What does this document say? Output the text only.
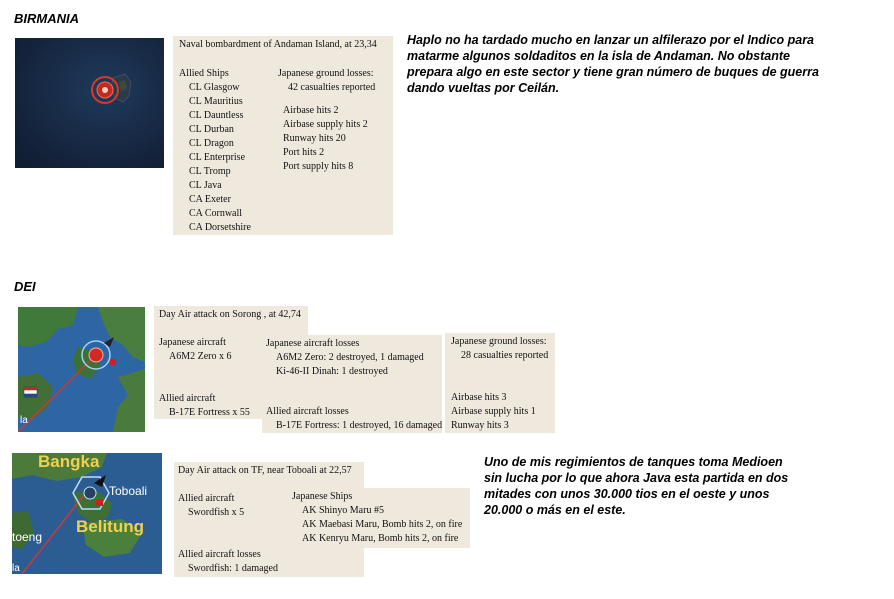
BIRMANIA
Naval bombardment of Andaman Island, at 23,34
Allied Ships
CL Glasgow
CL Mauritius
CL Dauntless
CL Durban
CL Dragon
CL Enterprise
CL Tromp
CL Java
CA Exeter
CA Cornwall
CA Dorsetshire
Japanese ground losses:
42 casualties reported
Airbase hits 2
Airbase supply hits 2
Runway hits 20
Port hits 2
Port supply hits 8
Haplo no ha tardado mucho en lanzar un alfilerazo por el Indico para
matarme algunos soldaditos en la isla de Andaman. No obstante
prepara algo en este sector y tiene gran número de buques de guerra
dando vueltas por Ceilán.
DEI
la
Day Air attack on Sorong , at 42,74
Japanese aircraft
A6M2 Zero x 6
Allied aircraft
B-17E Fortress x 55
Japanese aircraft losses
A6M2 Zero: 2 destroyed, 1 damaged
Ki-46-II Dinah: 1 destroyed
Allied aircraft losses
B-17E Fortress: 1 destroyed, 16 damaged
Japanese ground losses:
28 casualties reported
Airbase hits 3
Airbase supply hits 1
Runway hits 3
Bangka
Toboali
Belitung
toeng
la
Day Air attack on TF, near Toboali at 22,57
Allied aircraft
Swordfish x 5
Allied aircraft losses
Swordfish: 1 damaged
Japanese Ships
AK Shinyo Maru #5
AK Maebasi Maru, Bomb hits 2, on fire
AK Kenryu Maru, Bomb hits 2, on fire
Uno de mis regimientos de tanques toma Medioen
sin lucha por lo que ahora Java esta partida en dos
mitades con unos 30.000 tios en el oeste y unos
20.000 o más en el este.
